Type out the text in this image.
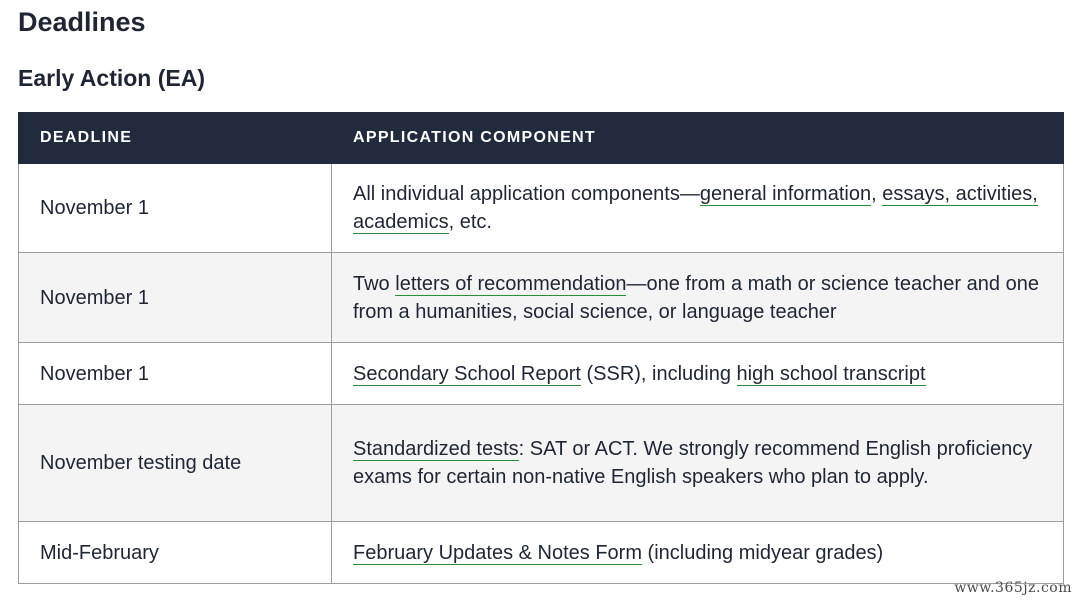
Deadlines
Early Action (EA)
DEADLINE	APPLICATION COMPONENT
November 1	All individual application components—general information, essays, activities, academics, etc.
November 1	Two letters of recommendation—one from a math or science teacher and one from a humanities, social science, or language teacher
November 1	Secondary School Report (SSR), including high school transcript
November testing date	Standardized tests: SAT or ACT. We strongly recommend English proficiency exams for certain non-native English speakers who plan to apply.
Mid-February	February Updates & Notes Form (including midyear grades)
www.365jz.com
